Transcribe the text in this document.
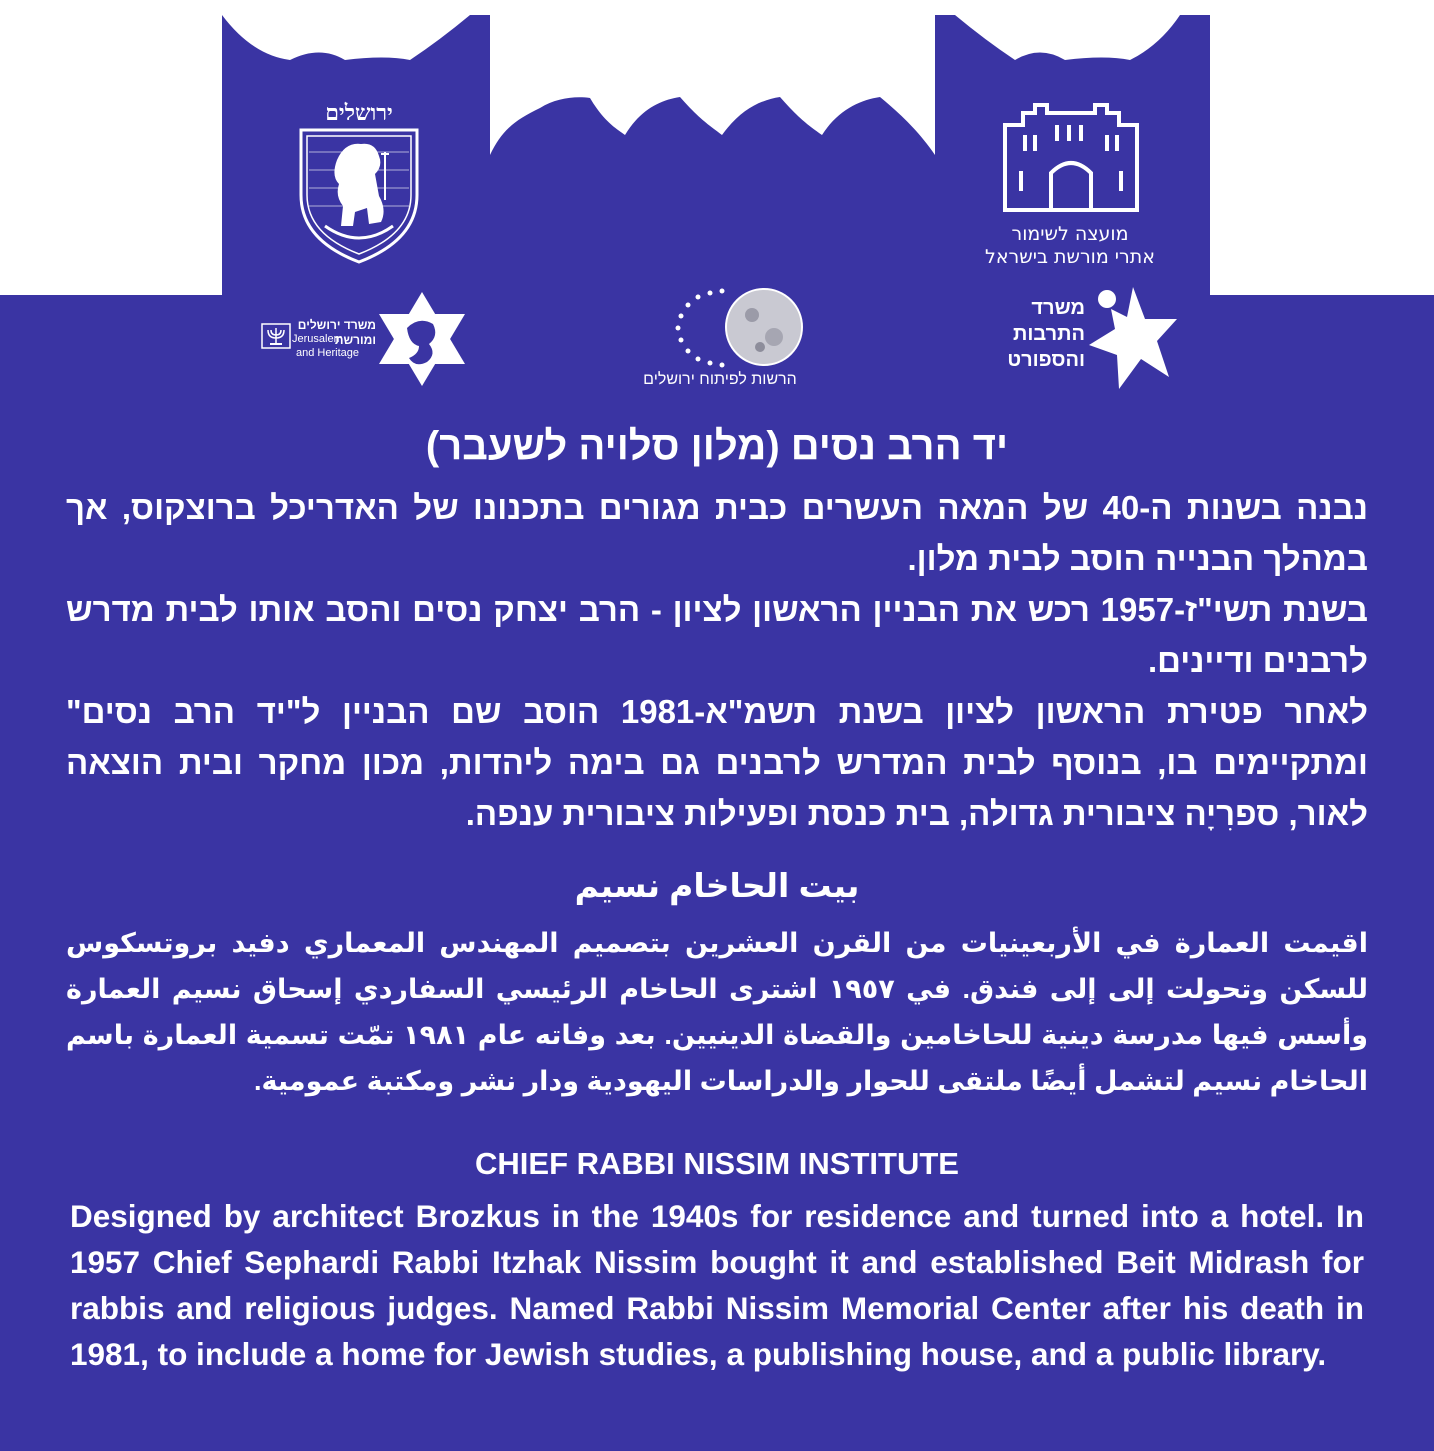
ירושלים
מועצה לשימור
אתרי מורשת בישראל
משרד ירושלים
ומורשת
Jerusalem
and Heritage
הרשות לפיתוח ירושלים
משרד
התרבות
והספורט
יד הרב נסים (מלון סלויה לשעבר)

נבנה בשנות ה-40 של המאה העשרים כבית מגורים בתכנונו של האדריכל ברוצקוס, אך במהלך הבנייה הוסב לבית מלון.

בשנת תשי"ז-1957 רכש את הבניין הראשון לציון - הרב יצחק נסים והסב אותו לבית מדרש לרבנים ודיינים.

לאחר פטירת הראשון לציון בשנת תשמ"א-1981 הוסב שם הבניין ל"יד הרב נסים" ומתקיימים בו, בנוסף לבית המדרש לרבנים גם בימה ליהדות, מכון מחקר ובית הוצאה לאור, ספרִיָה ציבורית גדולה, בית כנסת ופעילות ציבורית ענפה.

بيت الحاخام نسيم
اقيمت العمارة في الأربعينيات من القرن العشرين بتصميم المهندس المعماري دفيد بروتسكوس للسكن وتحولت إلى إلى فندق. في ١٩٥٧ اشترى الحاخام الرئيسي السفاردي إسحاق نسيم العمارة وأسس فيها مدرسة دينية للحاخامين والقضاة الدينيين. بعد وفاته عام ١٩٨١ تمّت تسمية العمارة باسم الحاخام نسيم لتشمل أيضًا ملتقى للحوار والدراسات اليهودية ودار نشر ومكتبة عمومية.
CHIEF RABBI NISSIM INSTITUTE
Designed by architect Brozkus in the 1940s for residence and turned into a hotel. In 1957 Chief Sephardi Rabbi Itzhak Nissim bought it and established Beit Midrash for rabbis and religious judges. Named Rabbi Nissim Memorial Center after his death in 1981, to include a home for Jewish studies, a publishing house, and a public library.
